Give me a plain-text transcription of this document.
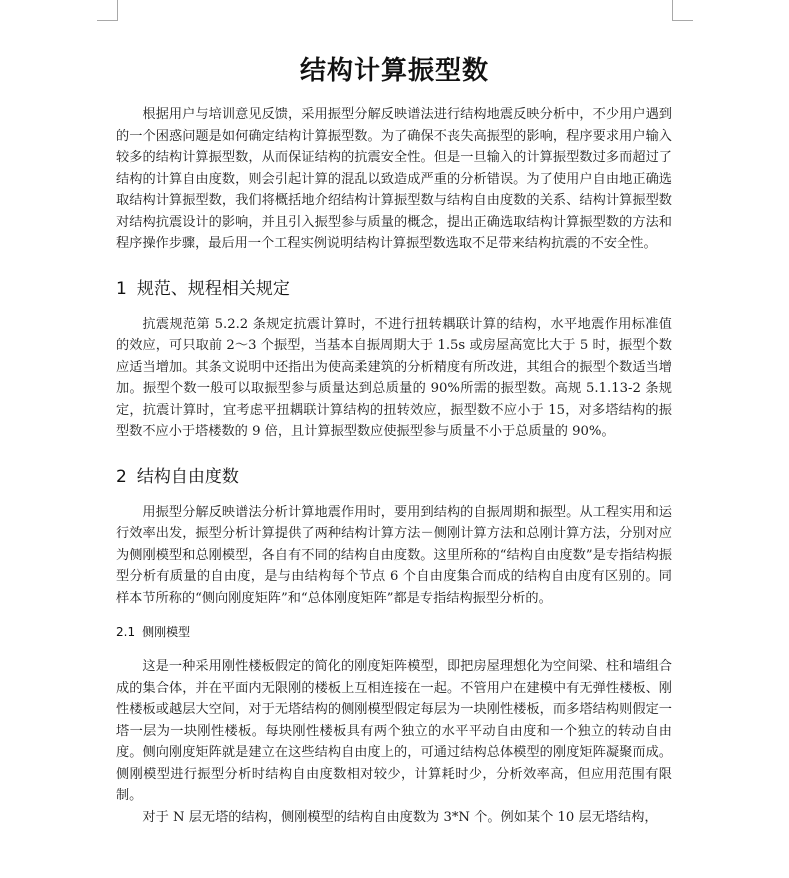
结构计算振型数

根据用户与培训意见反馈，采用振型分解反映谱法进行结构地震反映分析中，不少用户遇到的一个困惑问题是如何确定结构计算振型数。为了确保不丧失高振型的影响，程序要求用户输入较多的结构计算振型数，从而保证结构的抗震安全性。但是一旦输入的计算振型数过多而超过了结构的计算自由度数，则会引起计算的混乱以致造成严重的分析错误。为了使用户自由地正确选取结构计算振型数，我们将概括地介绍结构计算振型数与结构自由度数的关系、结构计算振型数对结构抗震设计的影响，并且引入振型参与质量的概念，提出正确选取结构计算振型数的方法和程序操作步骤，最后用一个工程实例说明结构计算振型数选取不足带来结构抗震的不安全性。

1 规范、规程相关规定

抗震规范第 5.2.2 条规定抗震计算时，不进行扭转耦联计算的结构，水平地震作用标准值的效应，可只取前 2～3 个振型，当基本自振周期大于 1.5s 或房屋高宽比大于 5 时，振型个数应适当增加。其条文说明中还指出为使高柔建筑的分析精度有所改进，其组合的振型个数适当增加。振型个数一般可以取振型参与质量达到总质量的 90%所需的振型数。高规 5.1.13-2 条规定，抗震计算时，宜考虑平扭耦联计算结构的扭转效应，振型数不应小于 15，对多塔结构的振型数不应小于塔楼数的 9 倍，且计算振型数应使振型参与质量不小于总质量的 90%。

2 结构自由度数

用振型分解反映谱法分析计算地震作用时，要用到结构的自振周期和振型。从工程实用和运行效率出发，振型分析计算提供了两种结构计算方法－侧刚计算方法和总刚计算方法，分别对应为侧刚模型和总刚模型，各自有不同的结构自由度数。这里所称的“结构自由度数”是专指结构振型分析有质量的自由度，是与由结构每个节点 6 个自由度集合而成的结构自由度有区别的。同样本节所称的“侧向刚度矩阵”和“总体刚度矩阵”都是专指结构振型分析的。

2.1 侧刚模型

这是一种采用刚性楼板假定的简化的刚度矩阵模型，即把房屋理想化为空间梁、柱和墙组合成的集合体，并在平面内无限刚的楼板上互相连接在一起。不管用户在建模中有无弹性楼板、刚性楼板或越层大空间，对于无塔结构的侧刚模型假定每层为一块刚性楼板，而多塔结构则假定一塔一层为一块刚性楼板。每块刚性楼板具有两个独立的水平平动自由度和一个独立的转动自由度。侧向刚度矩阵就是建立在这些结构自由度上的，可通过结构总体模型的刚度矩阵凝聚而成。侧刚模型进行振型分析时结构自由度数相对较少，计算耗时少，分析效率高，但应用范围有限制。

对于 N 层无塔的结构，侧刚模型的结构自由度数为 3*N 个。例如某个 10 层无塔结构，
